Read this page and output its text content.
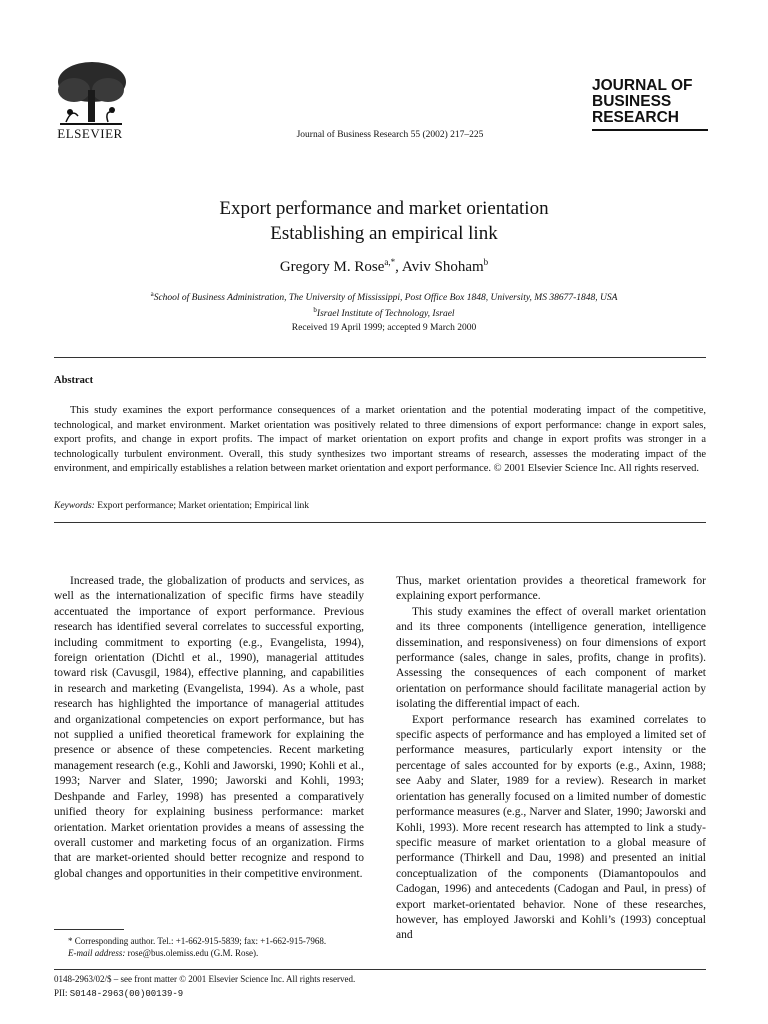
ELSEVIER	Journal of Business Research 55 (2002) 217–225
JOURNAL OF
BUSINESS
RESEARCH
Export performance and market orientation
Establishing an empirical link
Gregory M. Rose$^{a,*}$, Aviv Shoham$^b$
$^a$School of Business Administration, The University of Mississippi, Post Office Box 1848, University, MS 38677-1848, USA
$^b$Israel Institute of Technology, Israel
Received 19 April 1999; accepted 9 March 2000
Abstract
This study examines the export performance consequences of a market orientation and the potential moderating impact of the competitive, technological, and market environment. Market orientation was positively related to three dimensions of export performance: change in export sales, export profits, and change in export profits. The impact of market orientation on export profits and change in export profits was stronger in a technologically turbulent environment. Overall, this study synthesizes two important streams of research, assesses the moderating impact of the environment, and empirically establishes a relation between market orientation and export performance. © 2001 Elsevier Science Inc. All rights reserved.
Keywords: Export performance; Market orientation; Empirical link

Increased trade, the globalization of products and services, as well as the internationalization of specific firms have steadily accentuated the importance of export performance. Previous research has identified several correlates to successful exporting, including commitment to exporting (e.g., Evangelista, 1994), foreign orientation (Dichtl et al., 1990), managerial attitudes toward risk (Cavusgil, 1984), effective planning, and capabilities in research and marketing (Evangelista, 1994). As a whole, past research has highlighted the importance of managerial attitudes and organizational competencies on export performance, but has not supplied a unified theoretical framework for explaining the presence or absence of these competencies. Recent marketing management research (e.g., Kohli and Jaworski, 1990; Kohli et al., 1993; Narver and Slater, 1990; Jaworski and Kohli, 1993; Deshpande and Farley, 1998) has presented a comparatively unified theory for explaining business performance: market orientation. Market orientation provides a means of assessing the overall customer and marketing focus of an organization. Firms that are market-oriented should better recognize and respond to global changes and opportunities in their competitive environment.

Thus, market orientation provides a theoretical framework for explaining export performance.

This study examines the effect of overall market orientation and its three components (intelligence generation, intelligence dissemination, and responsiveness) on four dimensions of export performance (sales, change in sales, profits, change in profits). Assessing the consequences of each component of market orientation on performance should facilitate managerial action by isolating the differential impact of each.

Export performance research has examined correlates to specific aspects of performance and has employed a limited set of performance measures, particularly export intensity or the percentage of sales accounted for by exports (e.g., Axinn, 1988; see Aaby and Slater, 1989 for a review). Research in market orientation has generally focused on a limited number of domestic performance measures (e.g., Narver and Slater, 1990; Jaworski and Kohli, 1993). More recent research has attempted to link a study-specific measure of market orientation to a global measure of performance (Thirkell and Dau, 1998) and presented an initial conceptualization of the components (Diamantopoulos and Cadogan, 1996) and antecedents (Cadogan and Paul, in press) of export market-orientated behavior. None of these researches, however, has employed Jaworski and Kohli’s (1993) conceptual and

* Corresponding author. Tel.: +1-662-915-5839; fax: +1-662-915-7968.
E-mail address: rose@bus.olemiss.edu (G.M. Rose).
0148-2963/02/$ – see front matter © 2001 Elsevier Science Inc. All rights reserved.
PII: S0148-2963(00)00139-9
